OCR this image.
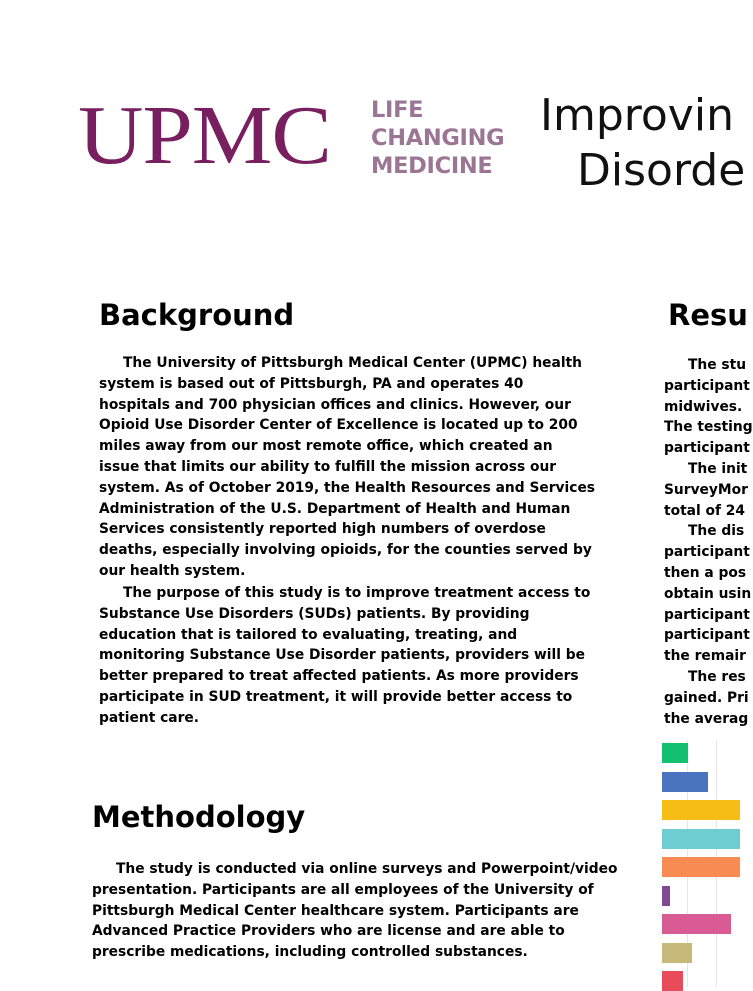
UPMC LIFE
CHANGING
MEDICINE
Improvin
Disorde
Background
The University of Pittsburgh Medical Center (UPMC) health system is based out of Pittsburgh, PA and operates 40 hospitals and 700 physician offices and clinics. However, our Opioid Use Disorder Center of Excellence is located up to 200 miles away from our most remote office, which created an issue that limits our ability to fulfill the mission across our system. As of October 2019, the Health Resources and Services Administration of the U.S. Department of Health and Human Services consistently reported high numbers of overdose deaths, especially involving opioids, for the counties served by our health system.
The purpose of this study is to improve treatment access to Substance Use Disorders (SUDs) patients. By providing education that is tailored to evaluating, treating, and monitoring Substance Use Disorder patients, providers will be better prepared to treat affected patients. As more providers participate in SUD treatment, it will provide better access to patient care.
Methodology
The study is conducted via online surveys and Powerpoint/video presentation. Participants are all employees of the University of Pittsburgh Medical Center healthcare system. Participants are Advanced Practice Providers who are license and are able to prescribe medications, including controlled substances.
Resu
The stu
participant
midwives.
The testing
participant
The init
SurveyMor
total of 24
The dis
participant
then a pos
obtain usin
participant
participant
the remair
The res
gained. Pri
the averag
